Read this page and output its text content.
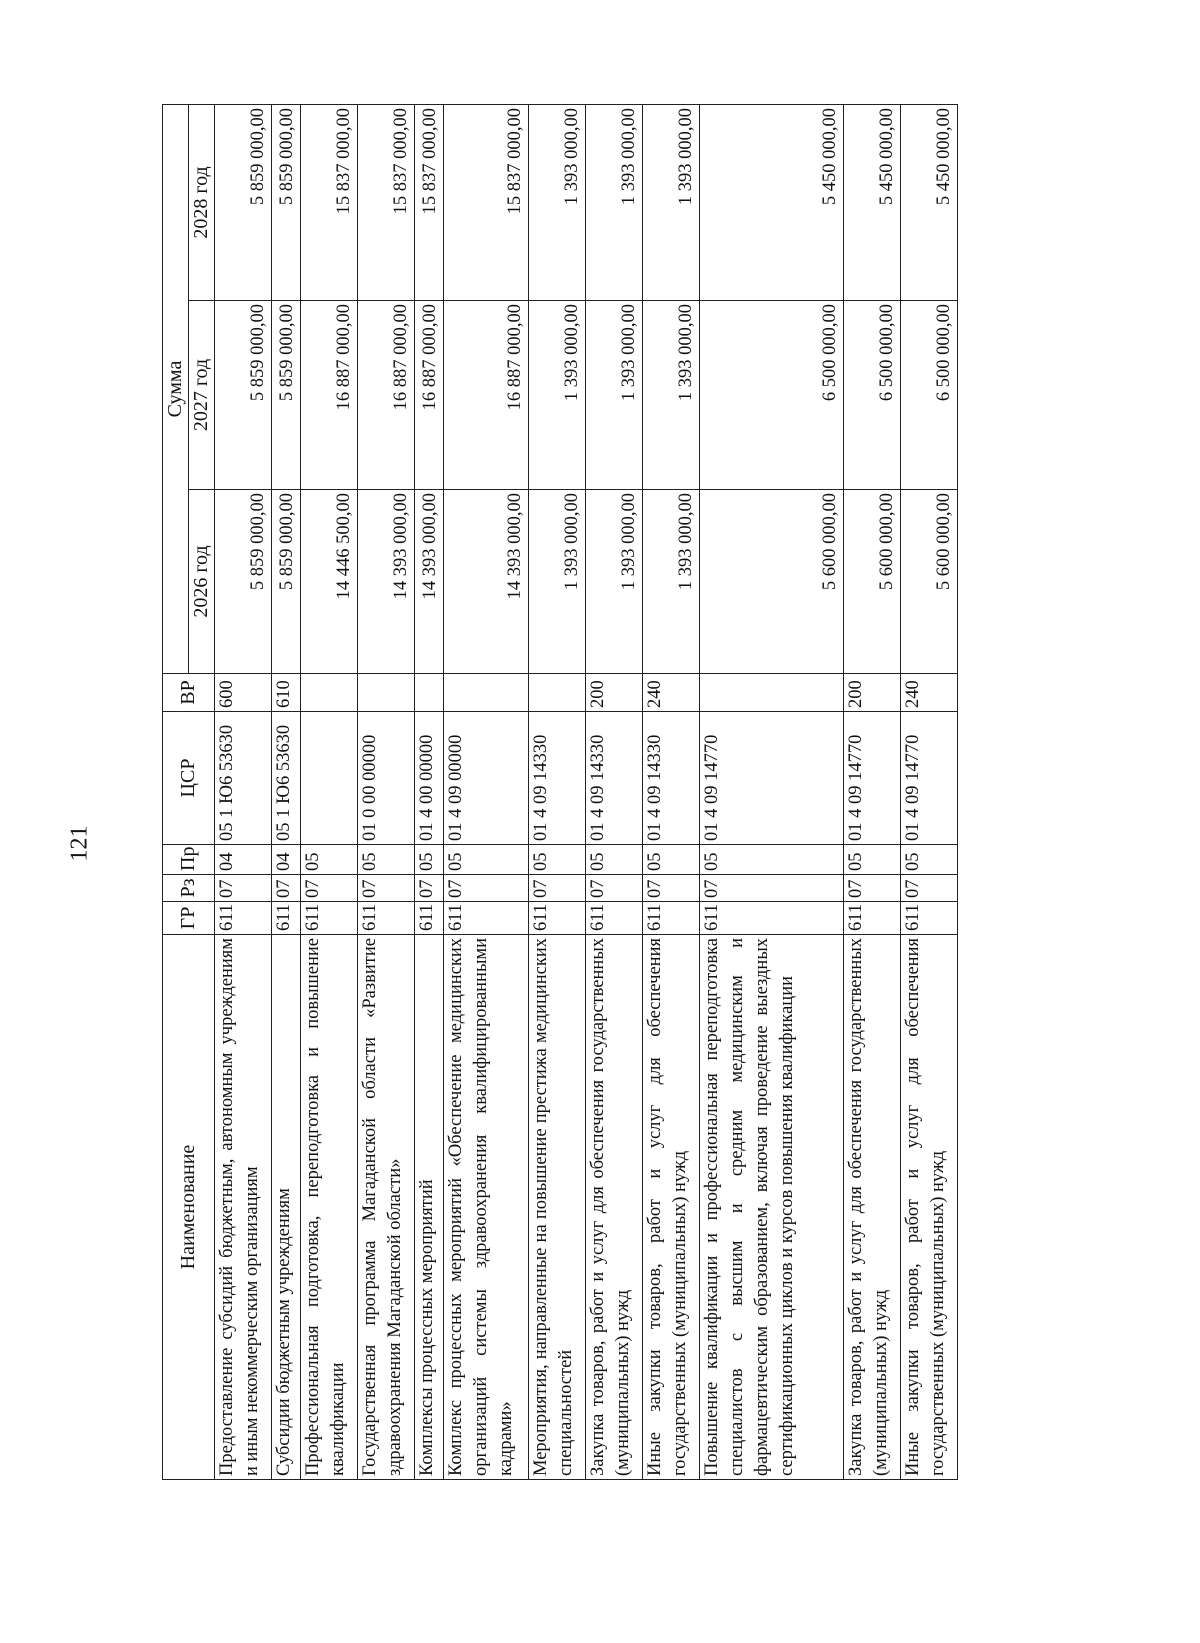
121
Наименование	ГР	Рз	Пр	ЦСР	ВР	Сумма		
						2026 год	2027 год	2028 год
Предоставление субсидий бюджетным, автономным учреждениям и иным некоммерческим организациям	611	07	04	05 1 Ю6 53630	600	5 859 000,00	5 859 000,00	5 859 000,00
Субсидии бюджетным учреждениям	611	07	04	05 1 Ю6 53630	610	5 859 000,00	5 859 000,00	5 859 000,00
Профессиональная подготовка, переподготовка и повышение квалификации	611	07	05			14 446 500,00	16 887 000,00	15 837 000,00
Государственная программа Магаданской области «Развитие здравоохранения Магаданской области»	611	07	05	01 0 00 00000		14 393 000,00	16 887 000,00	15 837 000,00
Комплексы процессных мероприятий	611	07	05	01 4 00 00000		14 393 000,00	16 887 000,00	15 837 000,00
Комплекс процессных мероприятий «Обеспечение медицинских организаций системы здравоохранения квалифицированными кадрами»	611	07	05	01 4 09 00000		14 393 000,00	16 887 000,00	15 837 000,00
Мероприятия, направленные на повышение престижа медицинских специальностей	611	07	05	01 4 09 14330		1 393 000,00	1 393 000,00	1 393 000,00
Закупка товаров, работ и услуг для обеспечения государственных (муниципальных) нужд	611	07	05	01 4 09 14330	200	1 393 000,00	1 393 000,00	1 393 000,00
Иные закупки товаров, работ и услуг для обеспечения государственных (муниципальных) нужд	611	07	05	01 4 09 14330	240	1 393 000,00	1 393 000,00	1 393 000,00
Повышение квалификации и профессиональная переподготовка специалистов с высшим и средним медицинским и фармацевтическим образованием, включая проведение выездных сертификационных циклов и курсов повышения квалификации	611	07	05	01 4 09 14770		5 600 000,00	6 500 000,00	5 450 000,00
Закупка товаров, работ и услуг для обеспечения государственных (муниципальных) нужд	611	07	05	01 4 09 14770	200	5 600 000,00	6 500 000,00	5 450 000,00
Иные закупки товаров, работ и услуг для обеспечения государственных (муниципальных) нужд	611	07	05	01 4 09 14770	240	5 600 000,00	6 500 000,00	5 450 000,00
